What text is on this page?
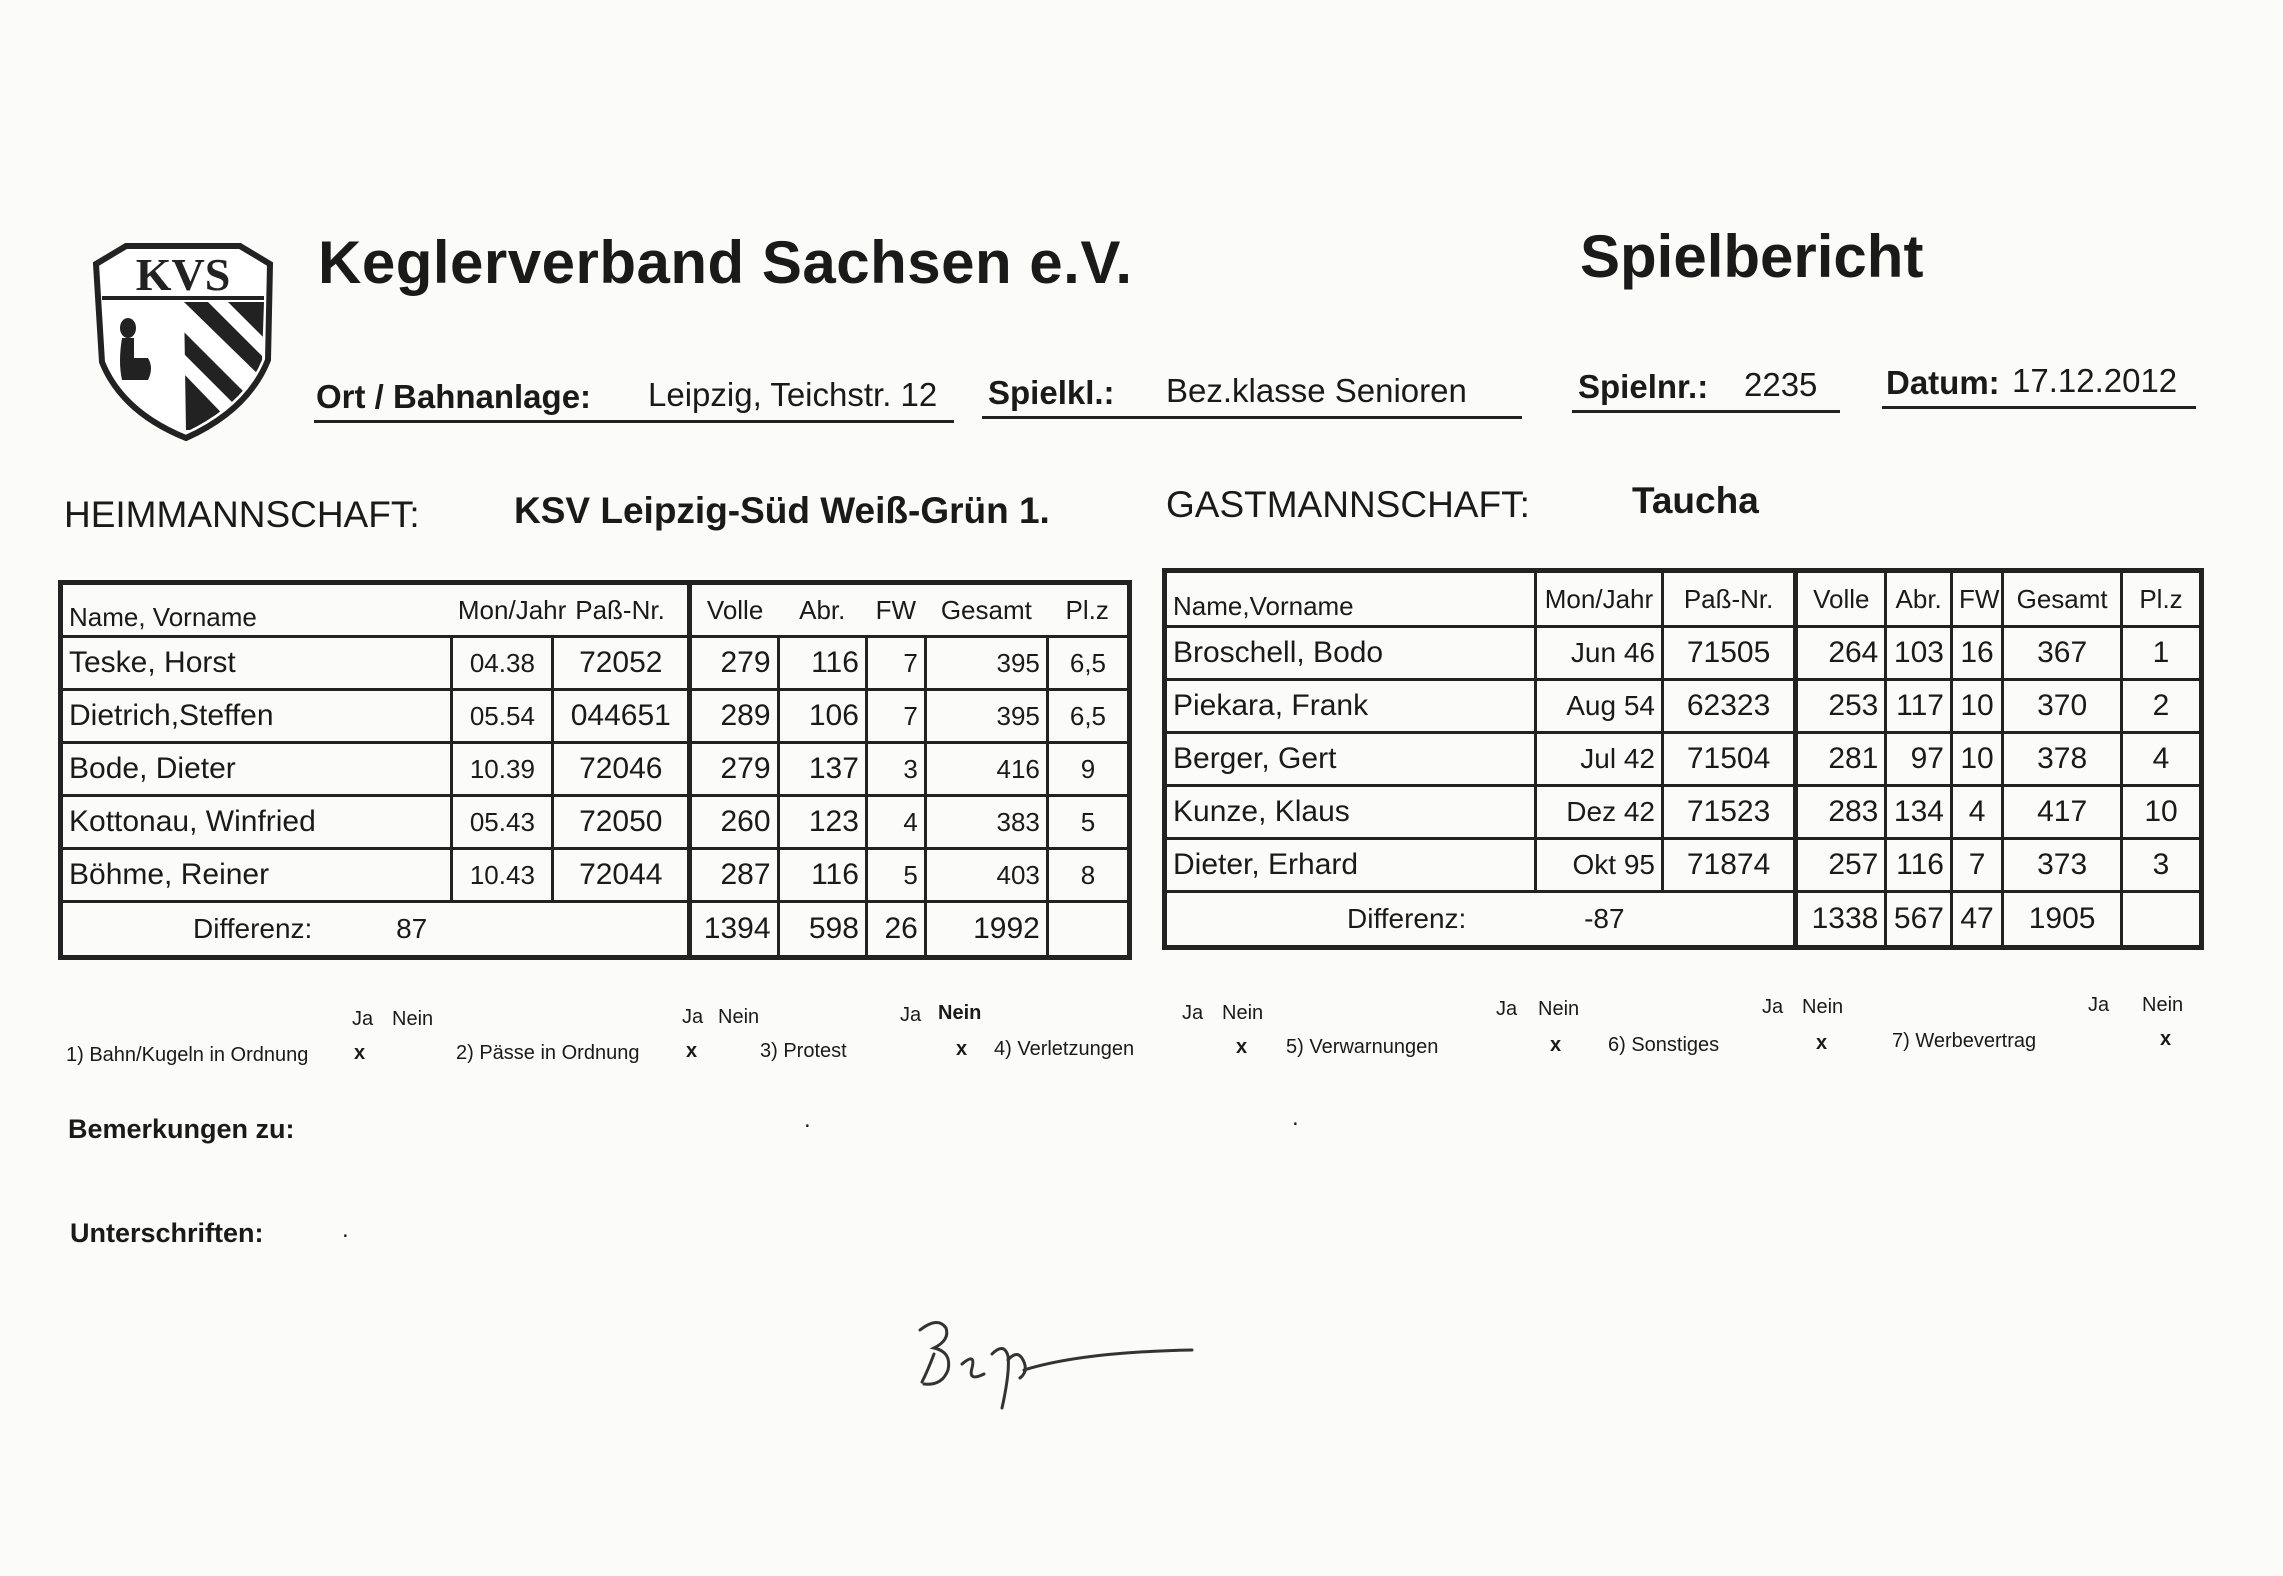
KVS Keglerverband Sachsen e.V.	Spielbericht
Ort / Bahnanlage: Leipzig, Teichstr. 12 Spielkl.: Bez.klasse Senioren	Spielnr.: 2235 Datum: 17.12.2012
HEIMMANNSCHAFT:	KSV Leipzig-Süd Weiß-Grün 1.	GASTMANNSCHAFT:	Taucha
Name, Vorname	Mon/Jahr	Paß-Nr.	Volle	Abr.	FW	Gesamt	Pl.z
Teske, Horst	04.38	72052	279	116	7	395	6,5
Dietrich,Steffen	05.54	044651	289	106	7	395	6,5
Bode, Dieter	10.39	72046	279	137	3	416	9
Kottonau, Winfried	05.43	72050	260	123	4	383	5
Böhme, Reiner	10.43	72044	287	116	5	403	8
Differenz: 87			1394	598	26	1992	
Name,Vorname	Mon/Jahr	Paß-Nr.	Volle	Abr.	FW	Gesamt	Pl.z
Broschell, Bodo	Jun 46	71505	264	103	16	367	1
Piekara, Frank	Aug 54	62323	253	117	10	370	2
Berger, Gert	Jul 42	71504	281	97	10	378	4
Kunze, Klaus	Dez 42	71523	283	134	4	417	10
Dieter, Erhard	Okt 95	71874	257	116	7	373	3
Differenz: -87			1338	567	47	1905	
Ja Nein	Ja Nein	Ja Nein	Ja Nein	Ja Nein	Ja Nein	Ja Nein
1) Bahn/Kugeln in Ordnung x	2) Pässe in Ordnung x	3) Protest	x 4) Verletzungen	x 5) Verwarnungen	x 6) Sonstiges	x	7) Werbevertrag	x
Bemerkungen zu:	.	.
Unterschriften:	.
